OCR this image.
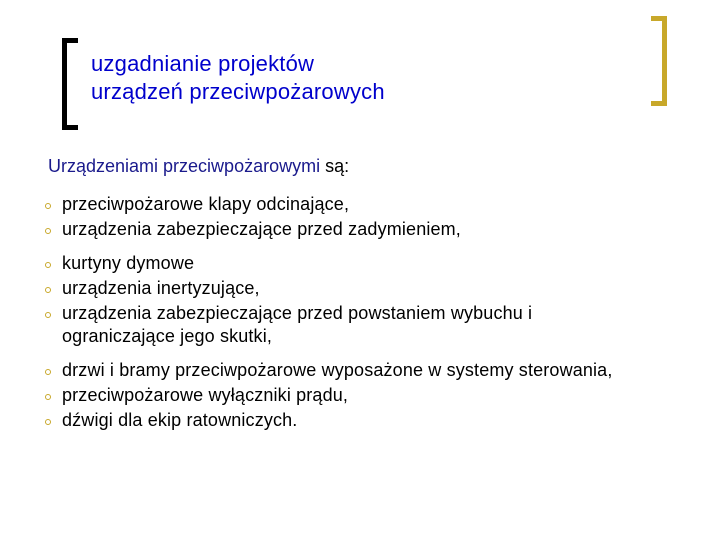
uzgadnianie projektów
urządzeń przeciwpożarowych
Urządzeniami przeciwpożarowymi są:
przeciwpożarowe klapy odcinające,
urządzenia zabezpieczające przed zadymieniem,
kurtyny dymowe
urządzenia inertyzujące,
urządzenia zabezpieczające przed powstaniem wybuchu i ograniczające jego skutki,
drzwi i bramy przeciwpożarowe wyposażone w systemy sterowania,
przeciwpożarowe wyłączniki prądu,
dźwigi dla ekip ratowniczych.
